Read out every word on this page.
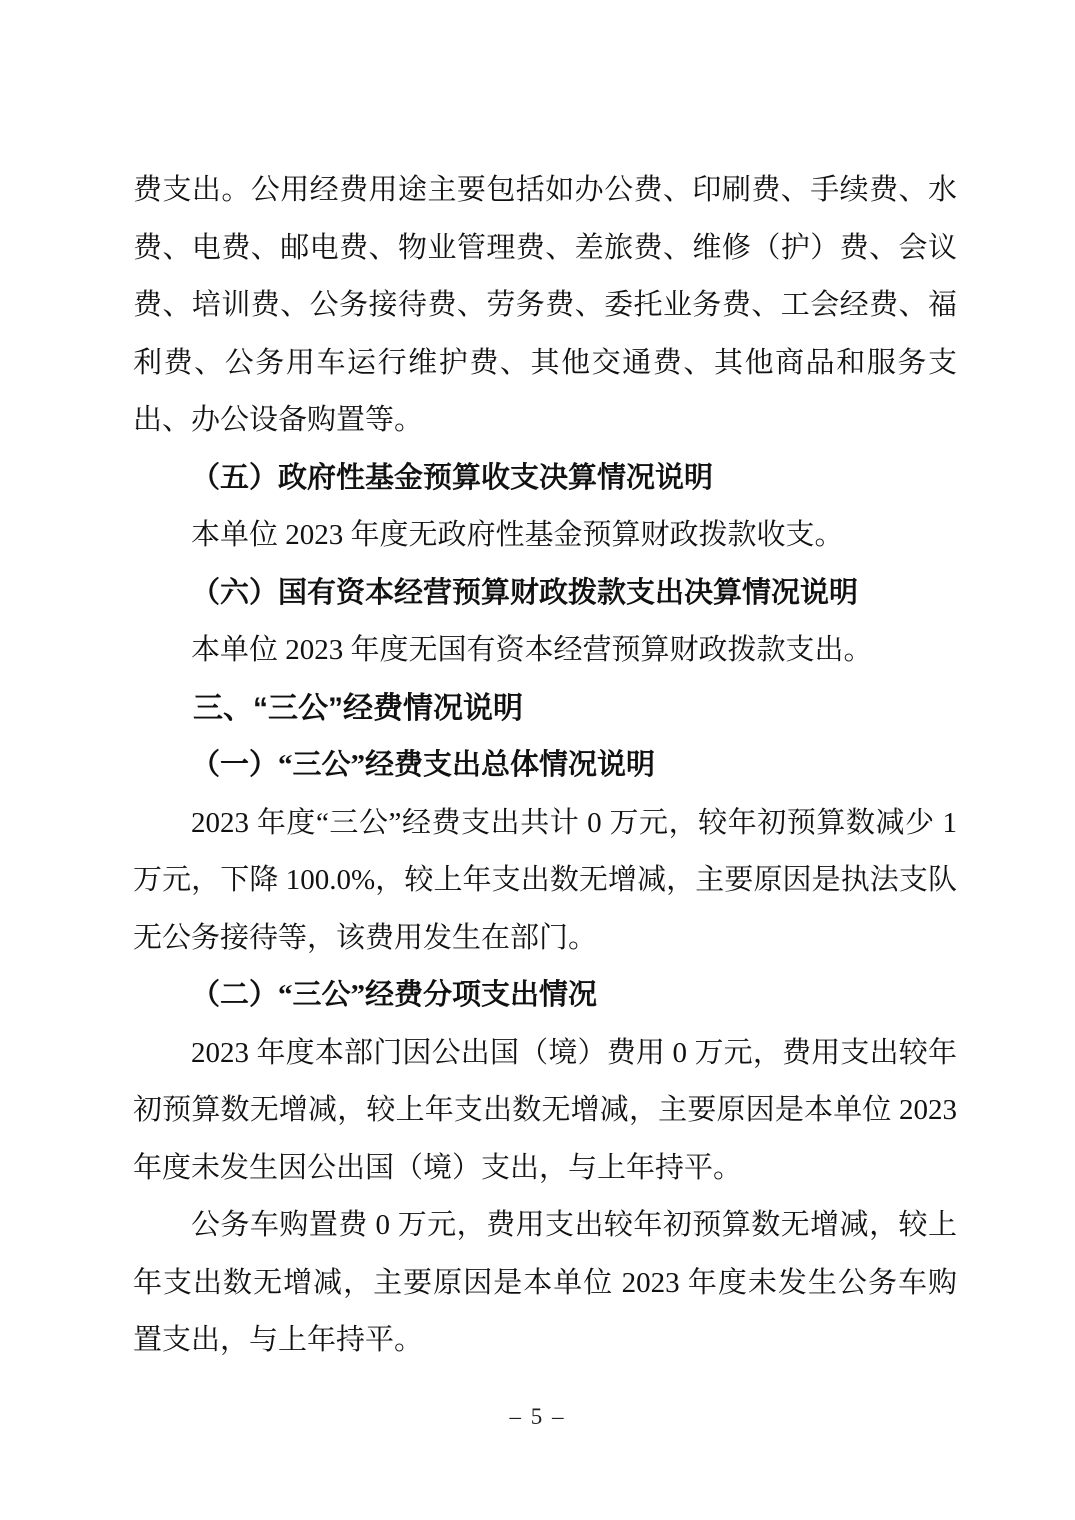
费支出。公用经费用途主要包括如办公费、印刷费、手续费、水费、电费、邮电费、物业管理费、差旅费、维修（护）费、会议费、培训费、公务接待费、劳务费、委托业务费、工会经费、福利费、公务用车运行维护费、其他交通费、其他商品和服务支出、办公设备购置等。

（五）政府性基金预算收支决算情况说明

本单位 2023 年度无政府性基金预算财政拨款收支。

（六）国有资本经营预算财政拨款支出决算情况说明

本单位 2023 年度无国有资本经营预算财政拨款支出。

三、“三公”经费情况说明

（一）“三公”经费支出总体情况说明

2023 年度“三公”经费支出共计 0 万元，较年初预算数减少 1 万元，下降 100.0%，较上年支出数无增减，主要原因是执法支队无公务接待等，该费用发生在部门。

（二）“三公”经费分项支出情况

2023 年度本部门因公出国（境）费用 0 万元，费用支出较年初预算数无增减，较上年支出数无增减，主要原因是本单位 2023 年度未发生因公出国（境）支出，与上年持平。

公务车购置费 0 万元，费用支出较年初预算数无增减，较上年支出数无增减，主要原因是本单位 2023 年度未发生公务车购置支出，与上年持平。

– 5 –
